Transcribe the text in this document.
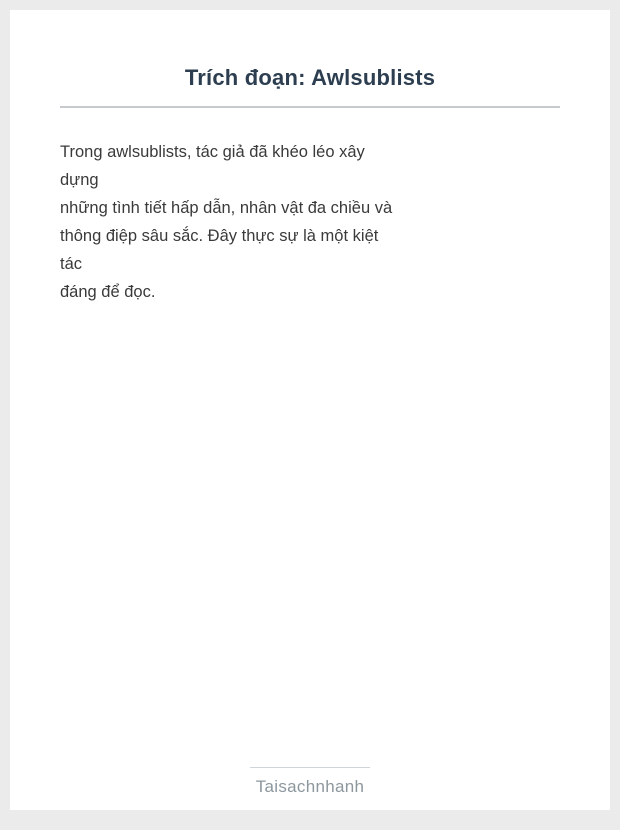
Trích đoạn: Awlsublists
Trong awlsublists, tác giả đã khéo léo xây
dựng
những tình tiết hấp dẫn, nhân vật đa chiều và
thông điệp sâu sắc. Đây thực sự là một kiệt
tác
đáng để đọc.
Taisachnhanh
